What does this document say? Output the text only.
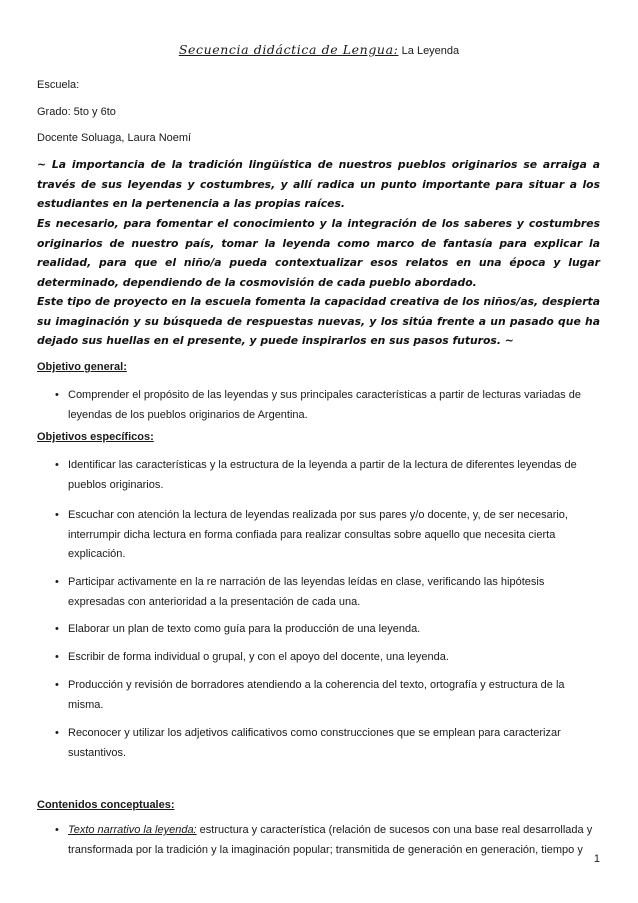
Secuencia didáctica de Lengua: La Leyenda
Escuela:
Grado: 5to y 6to
Docente Soluaga, Laura Noemí
~ La importancia de la tradición lingüística de nuestros pueblos originarios se arraiga a través de sus leyendas y costumbres, y allí radica un punto importante para situar a los estudiantes en la pertenencia a las propias raíces.
Es necesario, para fomentar el conocimiento y la integración de los saberes y costumbres originarios de nuestro país, tomar la leyenda como marco de fantasía para explicar la realidad, para que el niño/a pueda contextualizar esos relatos en una época y lugar determinado, dependiendo de la cosmovisión de cada pueblo abordado.
Este tipo de proyecto en la escuela fomenta la capacidad creativa de los niños/as, despierta su imaginación y su búsqueda de respuestas nuevas, y los sitúa frente a un pasado que ha dejado sus huellas en el presente, y puede inspirarlos en sus pasos futuros. ~
Objetivo general:
• Comprender el propósito de las leyendas y sus principales características a partir de lecturas variadas de leyendas de los pueblos originarios de Argentina.
Objetivos específicos:
• Identificar las características y la estructura de la leyenda a partir de la lectura de diferentes leyendas de pueblos originarios.
• Escuchar con atención la lectura de leyendas realizada por sus pares y/o docente, y, de ser necesario, interrumpir dicha lectura en forma confiada para realizar consultas sobre aquello que necesita cierta explicación.
• Participar activamente en la re narración de las leyendas leídas en clase, verificando las hipótesis expresadas con anterioridad a la presentación de cada una.
• Elaborar un plan de texto como guía para la producción de una leyenda.
• Escribir de forma individual o grupal, y con el apoyo del docente, una leyenda.
• Producción y revisión de borradores atendiendo a la coherencia del texto, ortografía y estructura de la misma.
• Reconocer y utilizar los adjetivos calificativos como construcciones que se emplean para caracterizar sustantivos.
Contenidos conceptuales:
• Texto narrativo la leyenda: estructura y característica (relación de sucesos con una base real desarrollada y transformada por la tradición y la imaginación popular; transmitida de generación en generación, tiempo y
1
